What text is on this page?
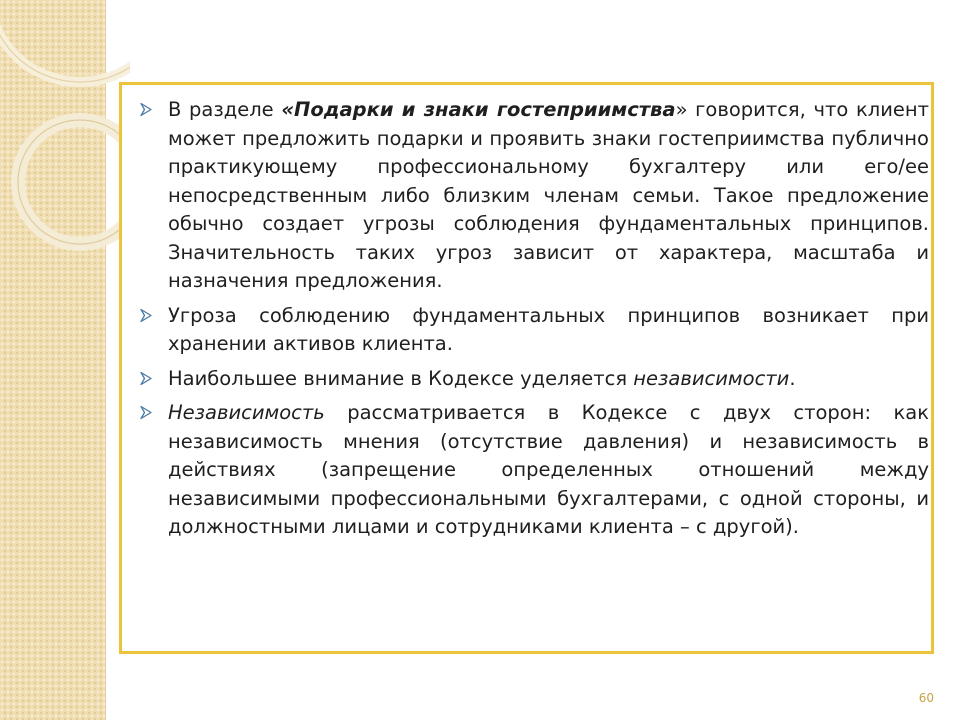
В разделе «Подарки и знаки гостеприимства» говорится, что клиент может предложить подарки и проявить знаки гостеприимства публично практикующему профессиональному бухгалтеру или его/ее непосредственным либо близким членам семьи. Такое предложение обычно создает угрозы соблюдения фундаментальных принципов. Значительность таких угроз зависит от характера, масштаба и назначения предложения.
Угроза соблюдению фундаментальных принципов возникает при хранении активов клиента.
Наибольшее внимание в Кодексе уделяется независимости.
Независимость рассматривается в Кодексе с двух сторон: как независимость мнения (отсутствие давления) и независимость в действиях (запрещение определенных отношений между независимыми профессиональными бухгалтерами, с одной стороны, и должностными лицами и сотрудниками клиента – с другой).
60
